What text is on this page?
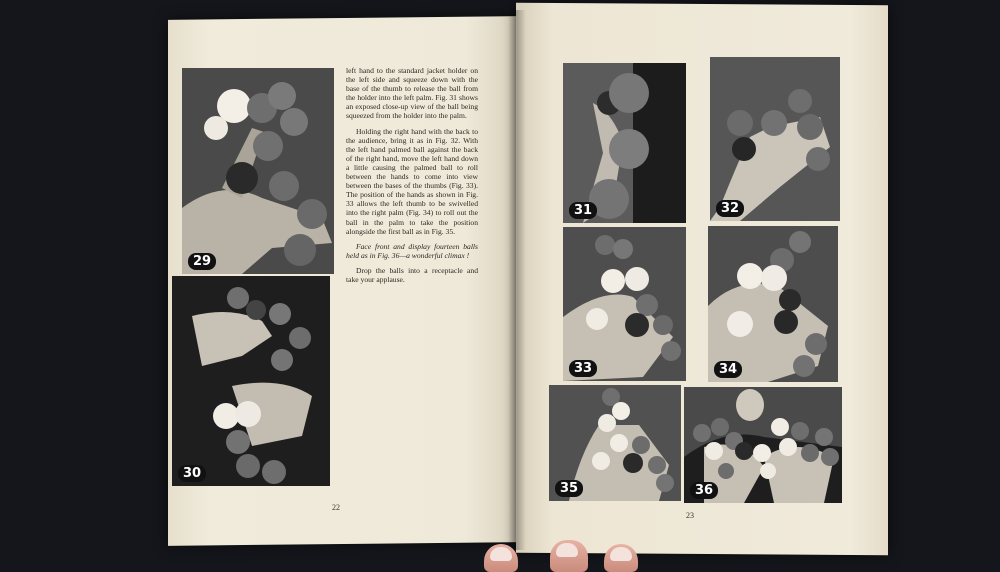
29
30

left hand to the standard jacket holder on the left side and squeeze down with the base of the thumb to release the ball from the holder into the left palm. Fig. 31 shows an exposed close-up view of the ball being squeezed from the holder into the palm.

Holding the right hand with the back to the audience, bring it as in Fig. 32. With the left hand palmed ball against the back of the right hand, move the left hand down a little causing the palmed ball to roll between the hands to come into view between the bases of the thumbs (Fig. 33). The position of the hands as shown in Fig. 33 allows the left thumb to be swivelled into the right palm (Fig. 34) to roll out the ball in the palm to take the position alongside the first ball as in Fig. 35.

Face front and display fourteen balls held as in Fig. 36—a wonderful climax !

Drop the balls into a receptacle and take your applause.

22
31	32
33	34
35	36
23
